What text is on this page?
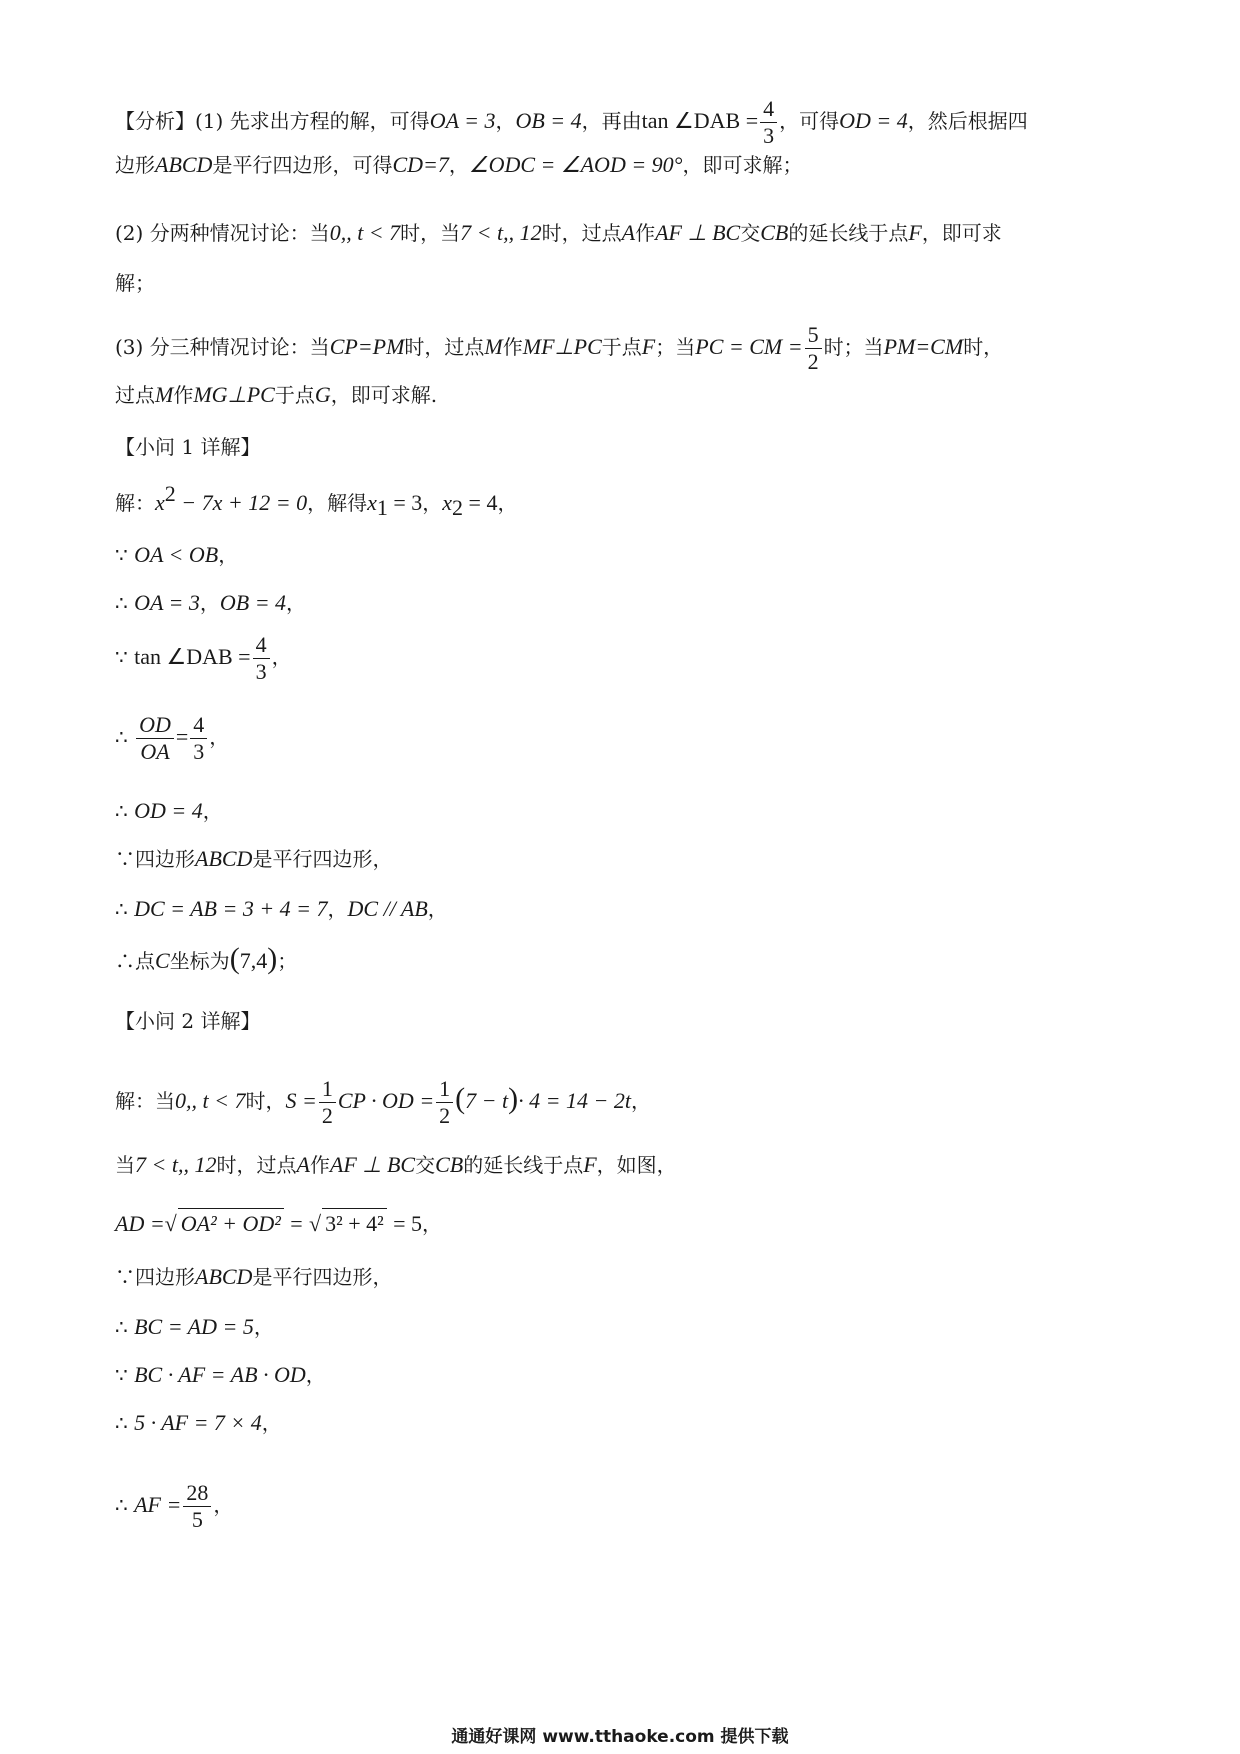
【分析】(1) 先求出方程的解，可得OA = 3，OB = 4，再由tan ∠DAB = $\frac{4}{3}$ ，可得OD = 4，然后根据四
边形ABCD是平行四边形，可得CD=7，∠ODC = ∠AOD = 90°，即可求解；
(2) 分两种情况讨论：当0,, t < 7时，当7 < t,, 12时，过点A作AF ⊥ BC交CB的延长线于点F，即可求
解；
(3) 分三种情况讨论：当CP=PM时，过点M作MF⊥PC于点F；当PC = CM = $\frac{5}{2}$ 时；当PM=CM时，
过点M作MG⊥PC于点G，即可求解.
【小问 1 详解】
解：$x^2 - 7x + 12 = 0$，解得$x_1 = 3$，$x_2 = 4$，
∵ OA < OB，
∴ OA = 3，OB = 4，
∵ tan ∠DAB = $\frac{4}{3}$ ，
∴ $\frac{OD}{OA} = \frac{4}{3}$ ，
∴ OD = 4，
∵四边形ABCD是平行四边形，
∴ DC = AB = 3 + 4 = 7，DC // AB，
∴点C坐标为(7,4)；
【小问 2 详解】
解：当0,, t < 7时，$S = \frac{1}{2}$ CP · OD = $\frac{1}{2} (7 - t)\cdot 4 = 14 - 2t$，
当7 < t,, 12时，过点A作AF ⊥ BC交CB的延长线于点F，如图，
AD =√ OA² + OD² = √ 3² + 4² = 5，
∵四边形ABCD是平行四边形，
∴ BC = AD = 5，
∵ BC · AF = AB · OD，
∴ 5 · AF = 7 × 4，
∴ AF = $\frac{28}{5}$ ，
通通好课网 www.tthaoke.com 提供下载
